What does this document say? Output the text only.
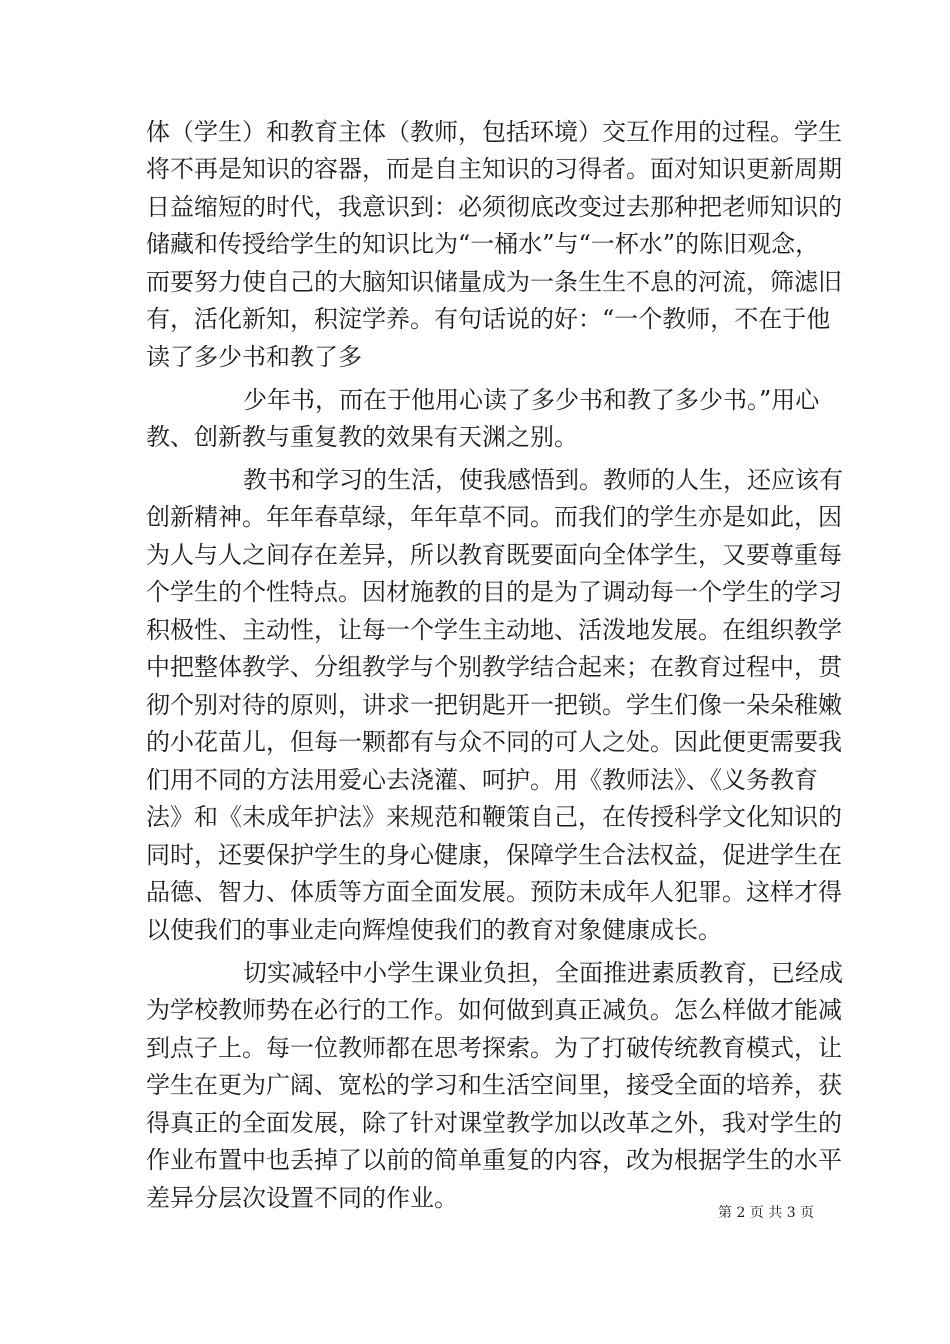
体（学生）和教育主体（教师，包括环境）交互作用的过程。学生
将不再是知识的容器，而是自主知识的习得者。面对知识更新周期
日益缩短的时代，我意识到：必须彻底改变过去那种把老师知识的
储藏和传授给学生的知识比为“一桶水”与“一杯水”的陈旧观念，
而要努力使自己的大脑知识储量成为一条生生不息的河流，筛滤旧
有，活化新知，积淀学养。有句话说的好：“一个教师，不在于他
读了多少书和教了多
少年书，而在于他用心读了多少书和教了多少书。”用心
教、创新教与重复教的效果有天渊之别。
教书和学习的生活，使我感悟到。教师的人生，还应该有
创新精神。年年春草绿，年年草不同。而我们的学生亦是如此，因
为人与人之间存在差异，所以教育既要面向全体学生，又要尊重每
个学生的个性特点。因材施教的目的是为了调动每一个学生的学习
积极性、主动性，让每一个学生主动地、活泼地发展。在组织教学
中把整体教学、分组教学与个别教学结合起来；在教育过程中，贯
彻个别对待的原则，讲求一把钥匙开一把锁。学生们像一朵朵稚嫩
的小花苗儿，但每一颗都有与众不同的可人之处。因此便更需要我
们用不同的方法用爱心去浇灌、呵护。用《教师法》、《义务教育
法》和《未成年护法》来规范和鞭策自己，在传授科学文化知识的
同时，还要保护学生的身心健康，保障学生合法权益，促进学生在
品德、智力、体质等方面全面发展。预防未成年人犯罪。这样才得
以使我们的事业走向辉煌使我们的教育对象健康成长。
切实减轻中小学生课业负担，全面推进素质教育，已经成
为学校教师势在必行的工作。如何做到真正减负。怎么样做才能减
到点子上。每一位教师都在思考探索。为了打破传统教育模式，让
学生在更为广阔、宽松的学习和生活空间里，接受全面的培养，获
得真正的全面发展，除了针对课堂教学加以改革之外，我对学生的
作业布置中也丢掉了以前的简单重复的内容，改为根据学生的水平
差异分层次设置不同的作业。
第 2 页 共 3 页
